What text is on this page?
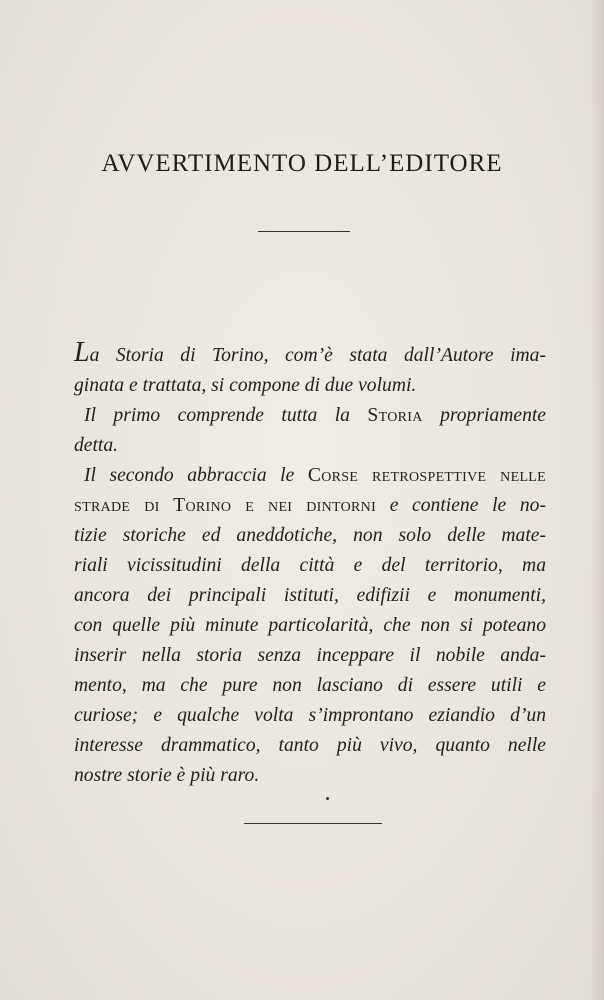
AVVERTIMENTO DELL’EDITORE
La Storia di Torino, com’è stata dall’Autore ima-
ginata e trattata, si compone di due volumi.
Il primo comprende tutta la Storia propriamente
detta.
Il secondo abbraccia le Corse retrospettive nelle
strade di Torino e nei dintorni e contiene le no-
tizie storiche ed aneddotiche, non solo delle mate-
riali vicissitudini della città e del territorio, ma
ancora dei principali istituti, edifizii e monumenti,
con quelle più minute particolarità, che non si poteano
inserir nella storia senza inceppare il nobile anda-
mento, ma che pure non lasciano di essere utili e
curiose; e qualche volta s’improntano eziandio d’un
interesse drammatico, tanto più vivo, quanto nelle
nostre storie è più raro.
